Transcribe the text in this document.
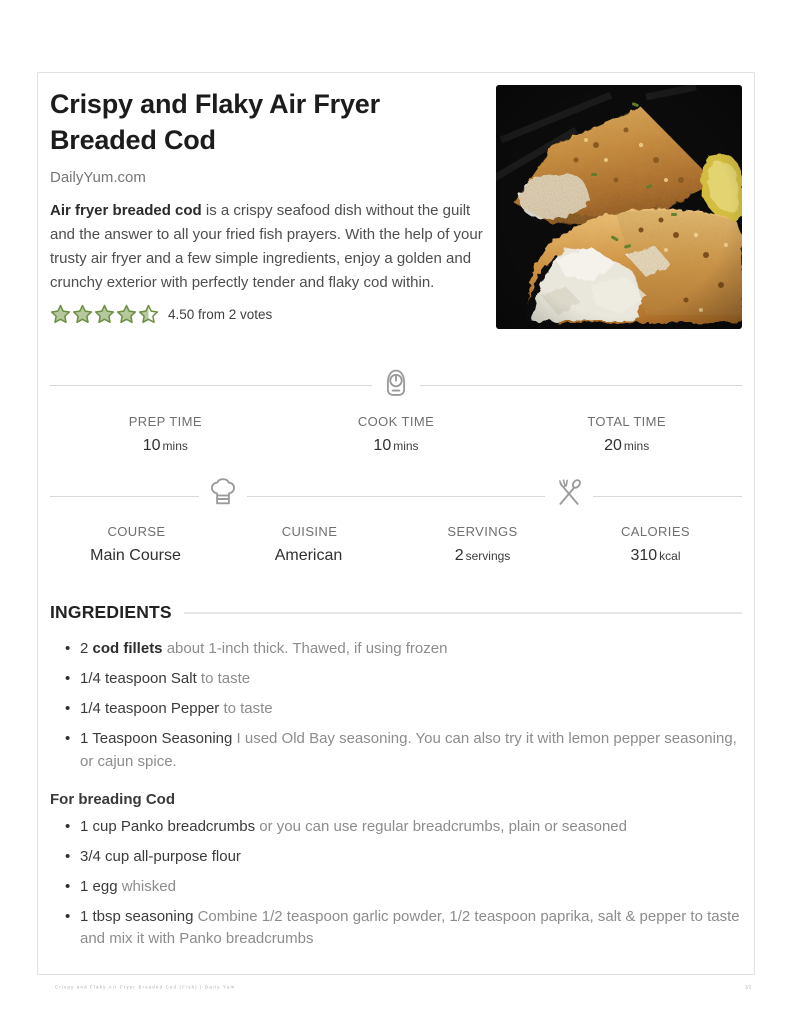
Crispy and Flaky Air Fryer Breaded Cod
DailyYum.com
Air fryer breaded cod is a crispy seafood dish without the guilt and the answer to all your fried fish prayers. With the help of your trusty air fryer and a few simple ingredients, enjoy a golden and crunchy exterior with perfectly tender and flaky cod within.
4.50 from 2 votes
PREP TIME
10 mins
COOK TIME
10 mins
TOTAL TIME
20 mins
COURSE
Main Course
CUISINE
American
SERVINGS
2 servings
CALORIES
310 kcal
INGREDIENTS
• 2 cod fillets about 1-inch thick. Thawed, if using frozen
• 1/4 teaspoon Salt to taste
• 1/4 teaspoon Pepper to taste
• 1 Teaspoon Seasoning I used Old Bay seasoning. You can also try it with lemon pepper seasoning, or cajun spice.
For breading Cod
• 1 cup Panko breadcrumbs or you can use regular breadcrumbs, plain or seasoned
• 3/4 cup all-purpose flour
• 1 egg whisked
• 1 tbsp seasoning Combine 1/2 teaspoon garlic powder, 1/2 teaspoon paprika, salt & pepper to taste and mix it with Panko breadcrumbs
Crispy and Flaky Air Fryer Breaded Cod (Fish) | Daily Yum	1/2
